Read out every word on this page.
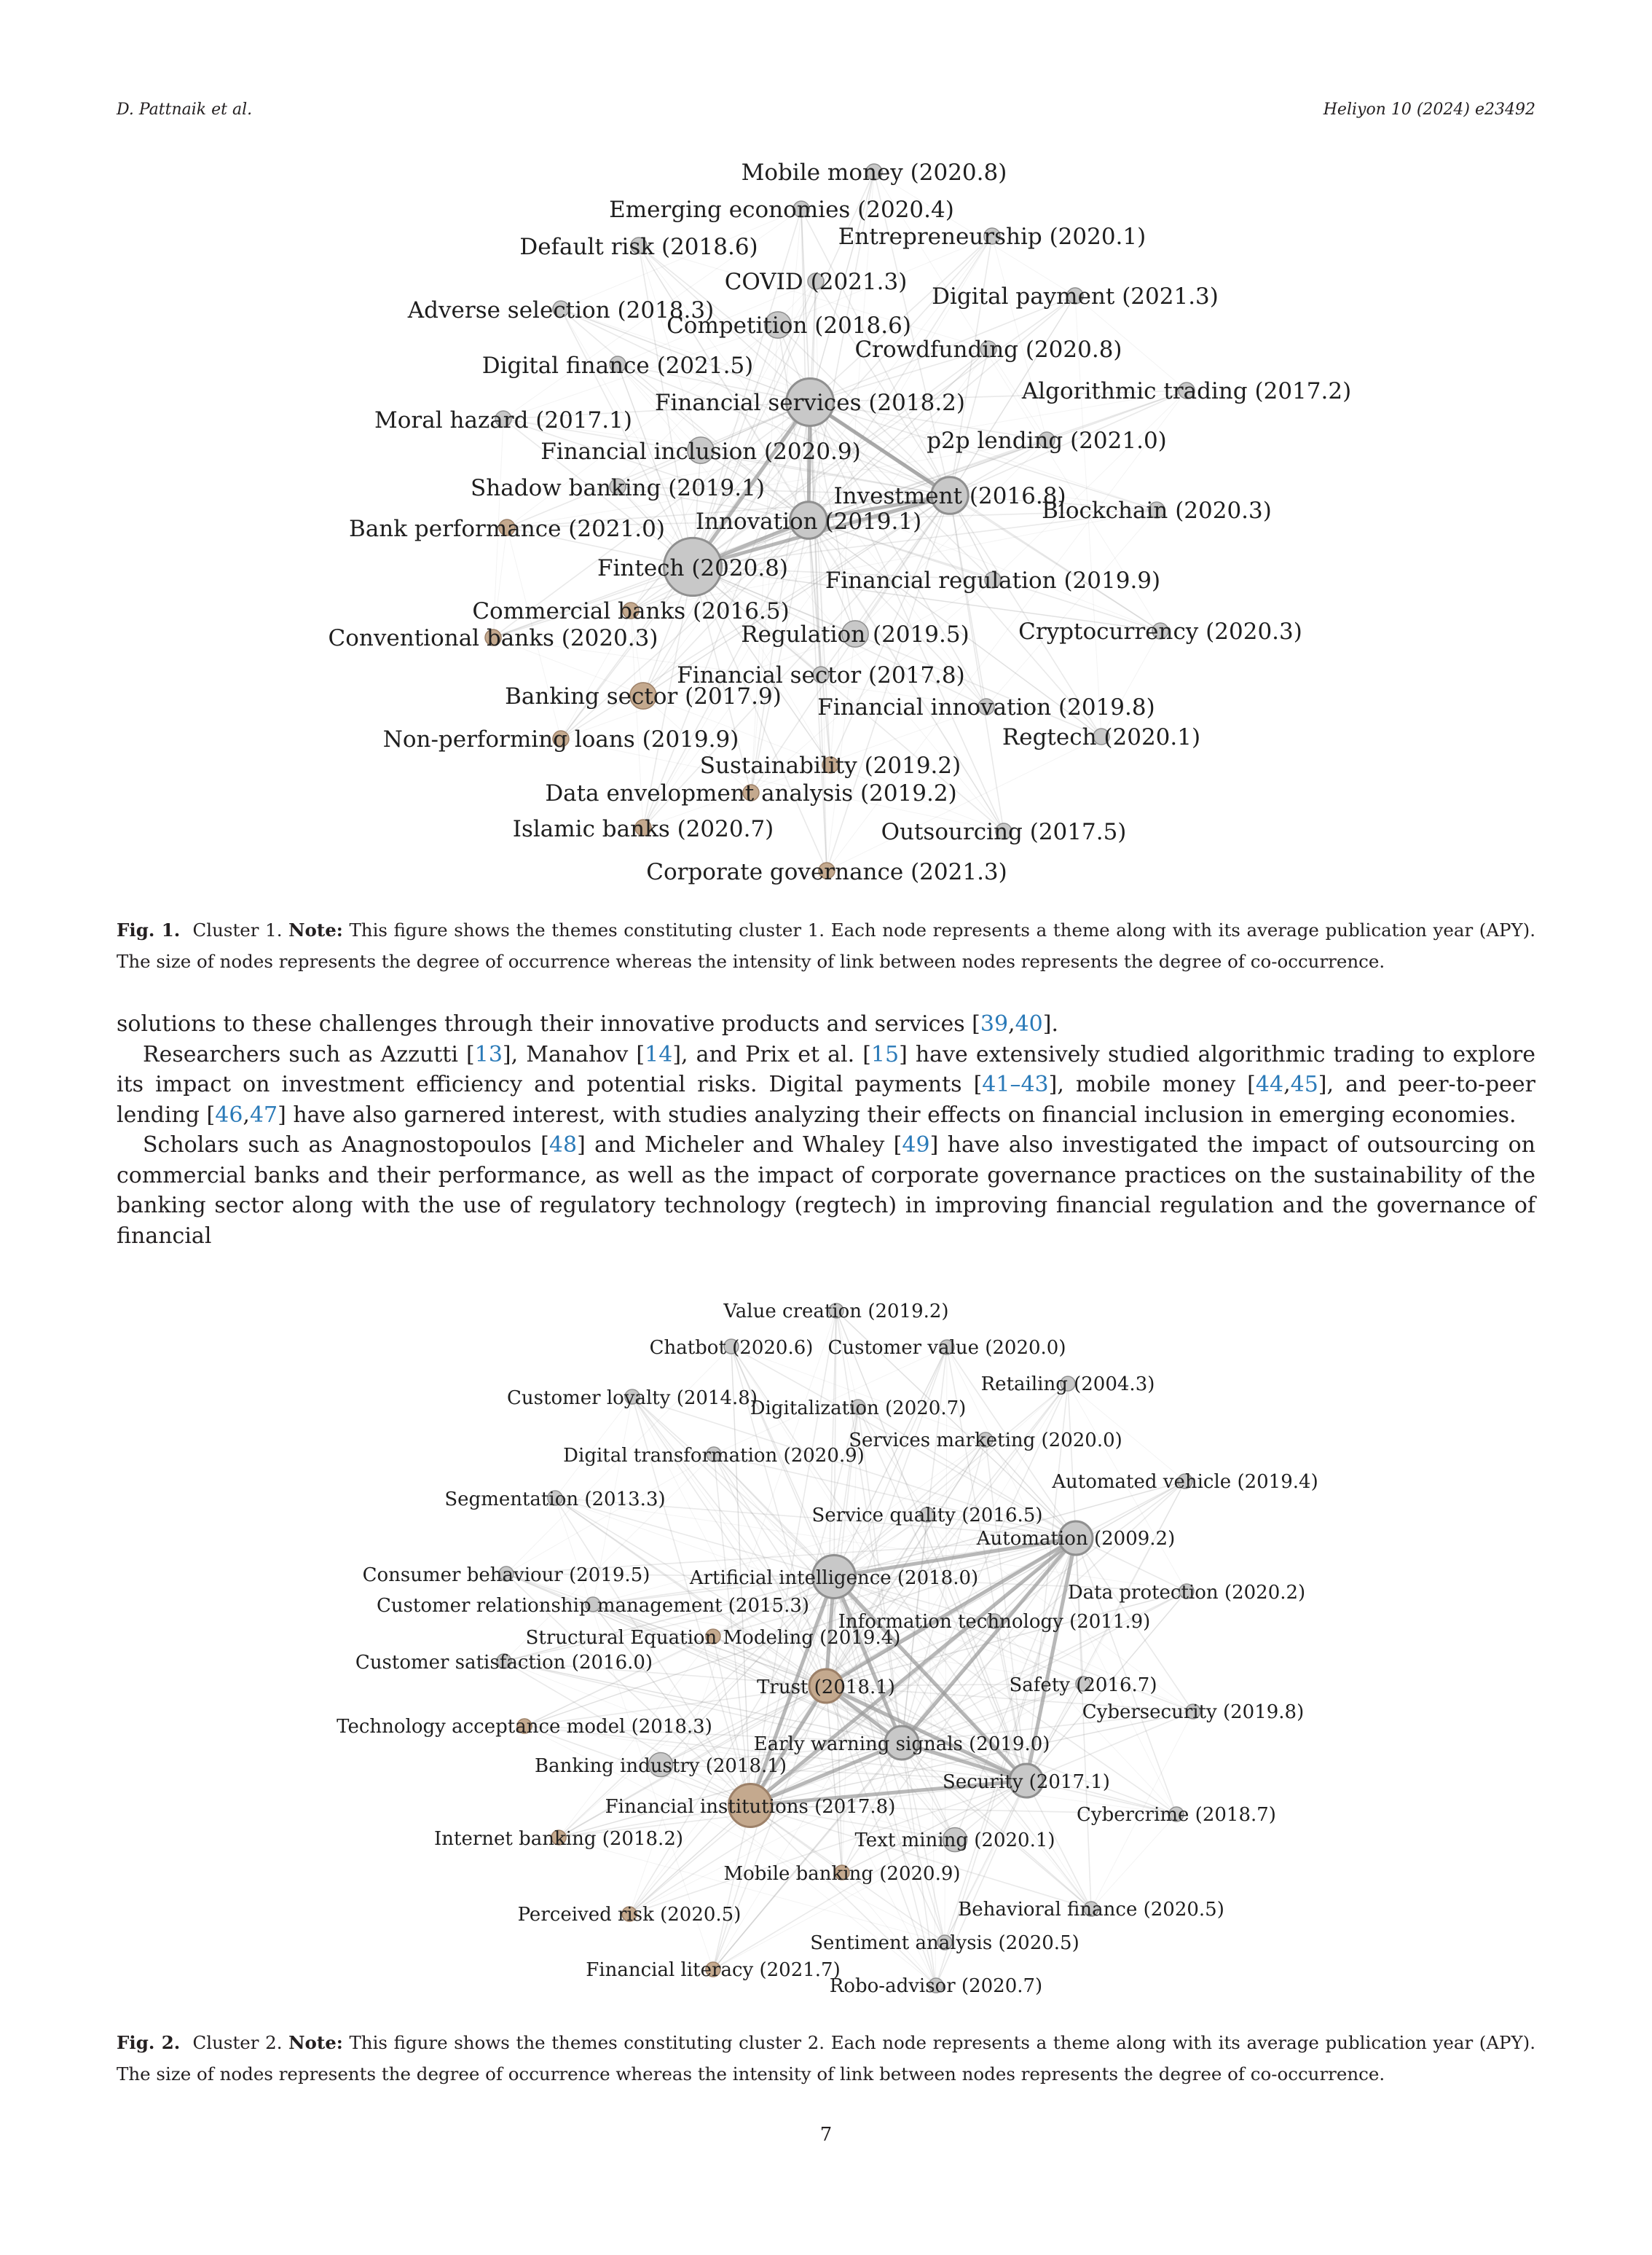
D. Pattnaik et al.	Heliyon 10 (2024) e23492
Mobile money (2020.8)
Emerging economies (2020.4)
Entrepreneurship (2020.1)
Default risk (2018.6)
COVID (2021.3)
Digital payment (2021.3)
Adverse selection (2018.3)
Competition (2018.6)
Crowdfunding (2020.8)
Digital finance (2021.5)
Algorithmic trading (2017.2)
Financial services (2018.2)
Moral hazard (2017.1)
p2p lending (2021.0)
Financial inclusion (2020.9)
Shadow banking (2019.1)	Investment (2016.8)
Blockchain (2020.3)
Bank performance (2021.0) Innovation (2019.1)
Fintech (2020.8) Financial regulation (2019.9)
Commercial banks (2016.5)
Conventional banks (2020.3)	Regulation (2019.5) Cryptocurrency (2020.3)
Financial sector (2017.8)
Banking sector (2017.9) Financial innovation (2019.8)
Non-performing loans (2019.9)	Regtech (2020.1)
Sustainability (2019.2)
Data envelopment analysis (2019.2)
Islamic banks (2020.7)	Outsourcing (2017.5)
Corporate governance (2021.3)
Fig. 1. Cluster 1. Note: This figure shows the themes constituting cluster 1. Each node represents a theme along with its average publication year (APY). The size of nodes represents the degree of occurrence whereas the intensity of link between nodes represents the degree of co-occurrence.

solutions to these challenges through their innovative products and services [39,40].

Researchers such as Azzutti [13], Manahov [14], and Prix et al. [15] have extensively studied algorithmic trading to explore its impact on investment efficiency and potential risks. Digital payments [41–43], mobile money [44,45], and peer-to-peer lending [46,47] have also garnered interest, with studies analyzing their effects on financial inclusion in emerging economies.

Scholars such as Anagnostopoulos [48] and Micheler and Whaley [49] have also investigated the impact of outsourcing on commercial banks and their performance, as well as the impact of corporate governance practices on the sustainability of the banking sector along with the use of regulatory technology (regtech) in improving financial regulation and the governance of financial

Value creation (2019.2)
Chatbot (2020.6) Customer value (2020.0)
Retailing (2004.3)
Customer loyalty (2014.8)
Digitalization (2020.7)
Services marketing (2020.0)
Digital transformation (2020.9)
Automated vehicle (2019.4)
Segmentation (2013.3)
Service quality (2016.5)
Automation (2009.2)
Consumer behaviour (2019.5) Artificial intelligence (2018.0)
Data protection (2020.2)
Customer relationship management (2015.3)
Information technology (2011.9)
Structural Equation Modeling (2019.4)
Customer satisfaction (2016.0)
Trust (2018.1)	Safety (2016.7)
Cybersecurity (2019.8)
Technology acceptance model (2018.3)
Early warning signals (2019.0)
Banking industry (2018.1)
Security (2017.1)
Financial institutions (2017.8)	Cybercrime (2018.7)
Internet banking (2018.2)	Text mining (2020.1)
Mobile banking (2020.9)
Perceived risk (2020.5)	Behavioral finance (2020.5)
Sentiment analysis (2020.5)
Financial literacy (2021.7)
Robo-advisor (2020.7)
Fig. 2. Cluster 2. Note: This figure shows the themes constituting cluster 2. Each node represents a theme along with its average publication year (APY). The size of nodes represents the degree of occurrence whereas the intensity of link between nodes represents the degree of co-occurrence.
7
